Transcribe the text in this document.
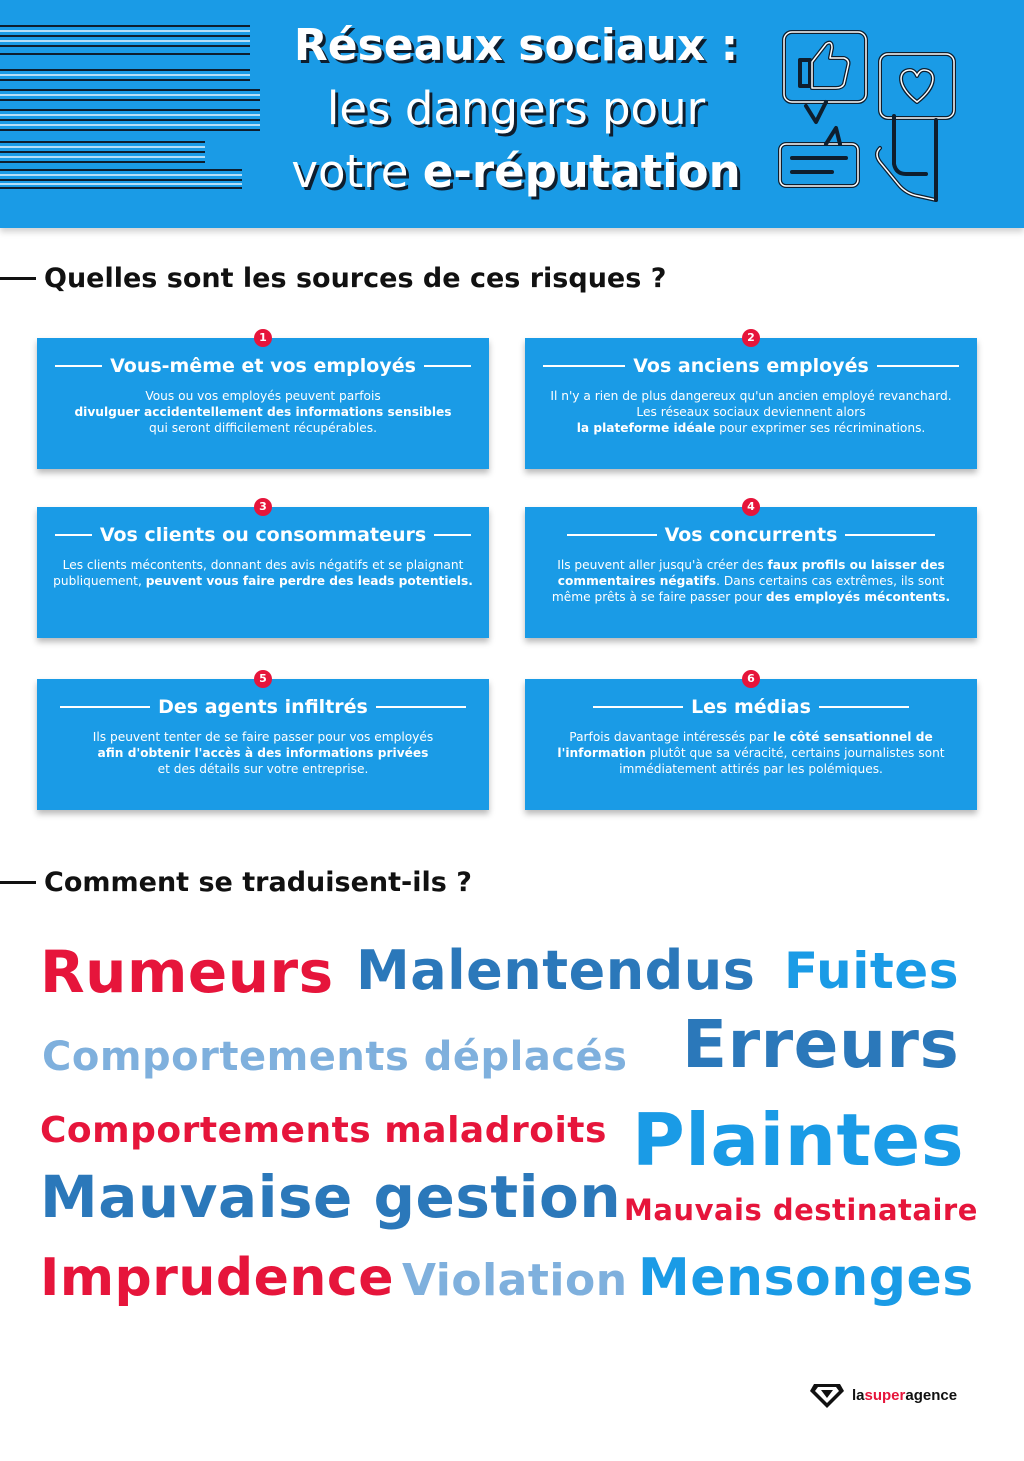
Réseaux sociaux :
les dangers pour
votre e-réputation
Quelles sont les sources de ces risques ?
1
Vous-même et vos employés
Vous ou vos employés peuvent parfois
divulguer accidentellement des informations sensibles
qui seront difficilement récupérables.
2
Vos anciens employés
Il n'y a rien de plus dangereux qu'un ancien employé revanchard. Les réseaux sociaux deviennent alors
la plateforme idéale pour exprimer ses récriminations.
3
Vos clients ou consommateurs
Les clients mécontents, donnant des avis négatifs et se plaignant publiquement, peuvent vous faire perdre des leads potentiels.
4
Vos concurrents
Ils peuvent aller jusqu'à créer des faux profils ou laisser des commentaires négatifs. Dans certains cas extrêmes, ils sont même prêts à se faire passer pour des employés mécontents.
5
Des agents infiltrés
Ils peuvent tenter de se faire passer pour vos employés
afin d'obtenir l'accès à des informations privées
et des détails sur votre entreprise.
6
Les médias
Parfois davantage intéressés par le côté sensationnel de l'information plutôt que sa véracité, certains journalistes sont immédiatement attirés par les polémiques.
Comment se traduisent-ils ?
Rumeurs Malentendus Fuites
Comportements déplacés Erreurs
Comportements maladroits Plaintes
Mauvaise gestion Mauvais destinataire
Imprudence Violation Mensonges
lasuperagence
